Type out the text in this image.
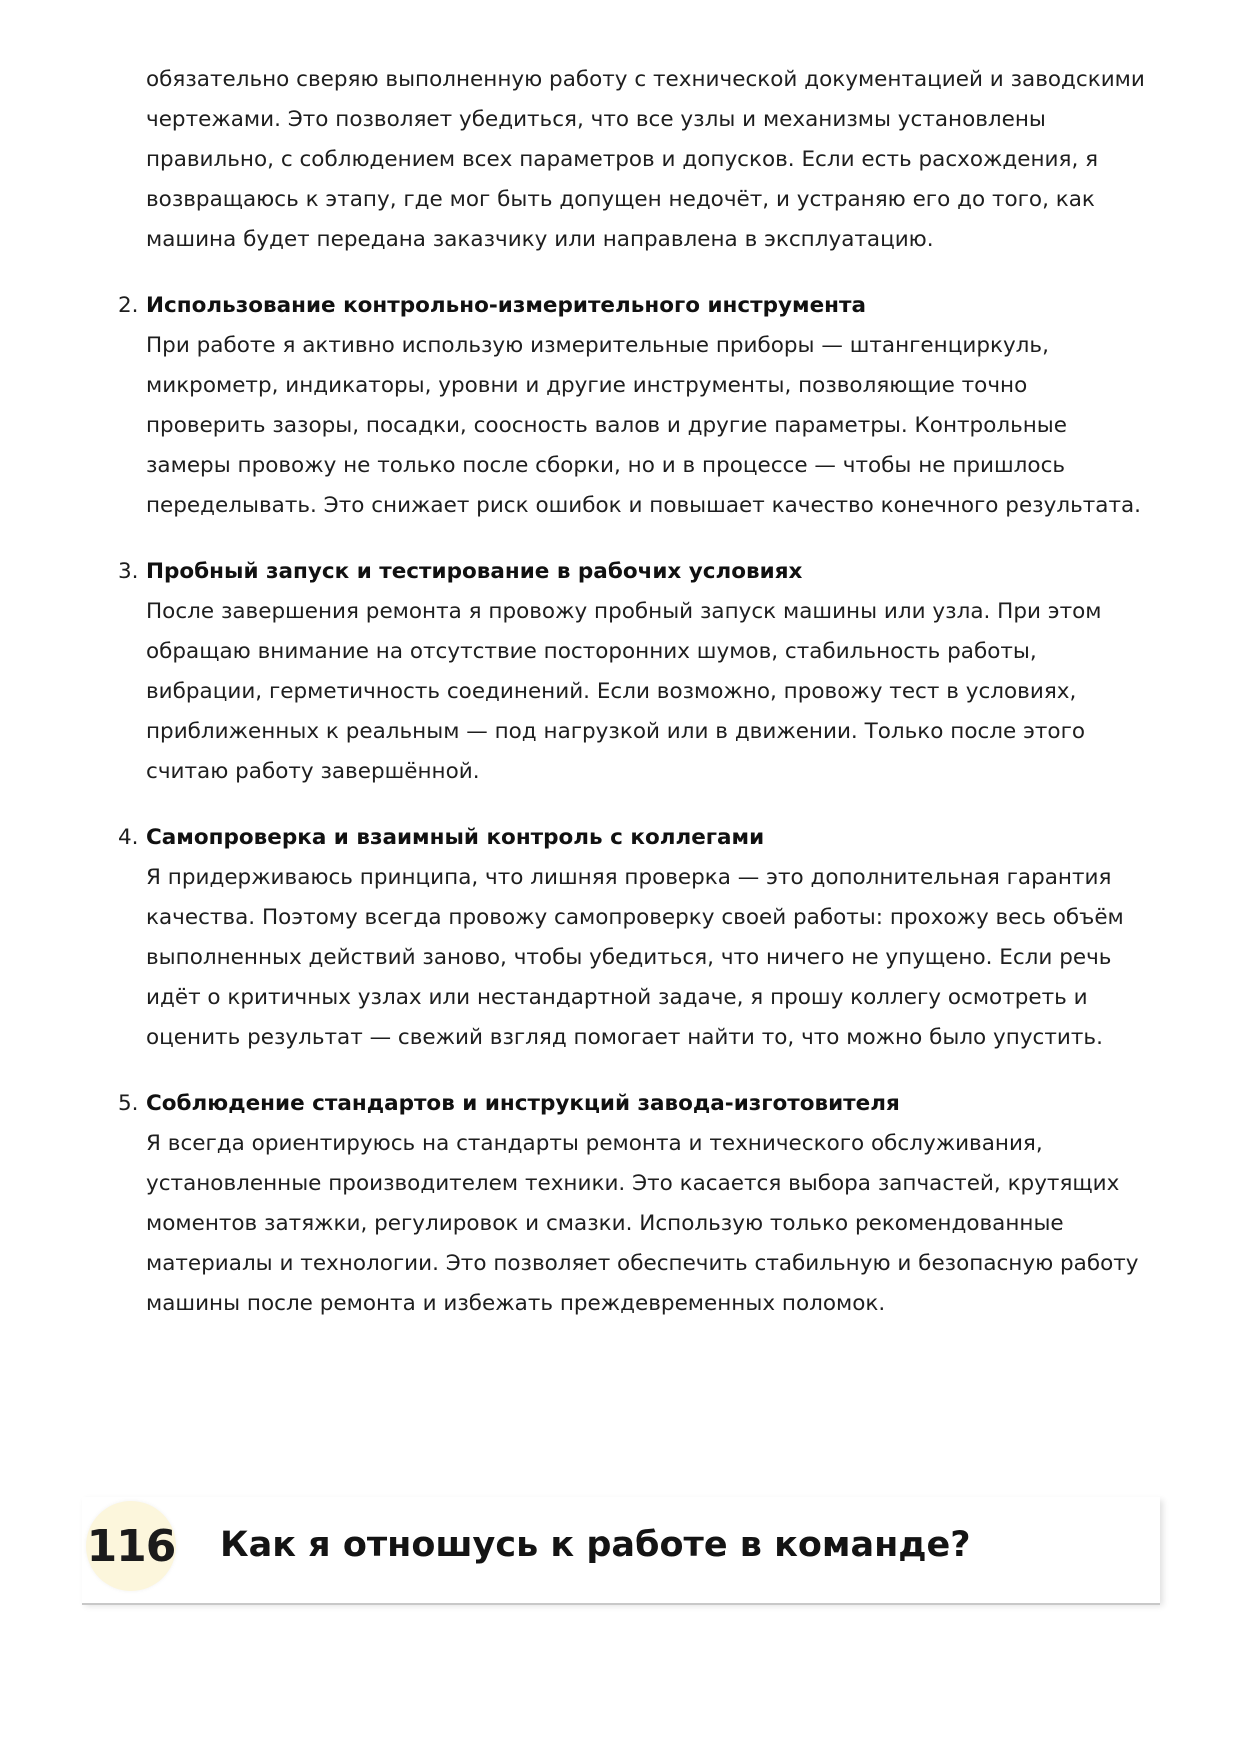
обязательно сверяю выполненную работу с технической документацией и заводскими
чертежами. Это позволяет убедиться, что все узлы и механизмы установлены
правильно, с соблюдением всех параметров и допусков. Если есть расхождения, я
возвращаюсь к этапу, где мог быть допущен недочёт, и устраняю его до того, как
машина будет передана заказчику или направлена в эксплуатацию.

2. Использование контрольно-измерительного инструмента

При работе я активно использую измерительные приборы — штангенциркуль,
микрометр, индикаторы, уровни и другие инструменты, позволяющие точно
проверить зазоры, посадки, соосность валов и другие параметры. Контрольные
замеры провожу не только после сборки, но и в процессе — чтобы не пришлось
переделывать. Это снижает риск ошибок и повышает качество конечного результата.

3. Пробный запуск и тестирование в рабочих условиях

После завершения ремонта я провожу пробный запуск машины или узла. При этом
обращаю внимание на отсутствие посторонних шумов, стабильность работы,
вибрации, герметичность соединений. Если возможно, провожу тест в условиях,
приближенных к реальным — под нагрузкой или в движении. Только после этого
считаю работу завершённой.

4. Самопроверка и взаимный контроль с коллегами

Я придерживаюсь принципа, что лишняя проверка — это дополнительная гарантия
качества. Поэтому всегда провожу самопроверку своей работы: прохожу весь объём
выполненных действий заново, чтобы убедиться, что ничего не упущено. Если речь
идёт о критичных узлах или нестандартной задаче, я прошу коллегу осмотреть и
оценить результат — свежий взгляд помогает найти то, что можно было упустить.

5. Соблюдение стандартов и инструкций завода-изготовителя

Я всегда ориентируюсь на стандарты ремонта и технического обслуживания,
установленные производителем техники. Это касается выбора запчастей, крутящих
моментов затяжки, регулировок и смазки. Использую только рекомендованные
материалы и технологии. Это позволяет обеспечить стабильную и безопасную работу
машины после ремонта и избежать преждевременных поломок.

116 Как я отношусь к работе в команде?
